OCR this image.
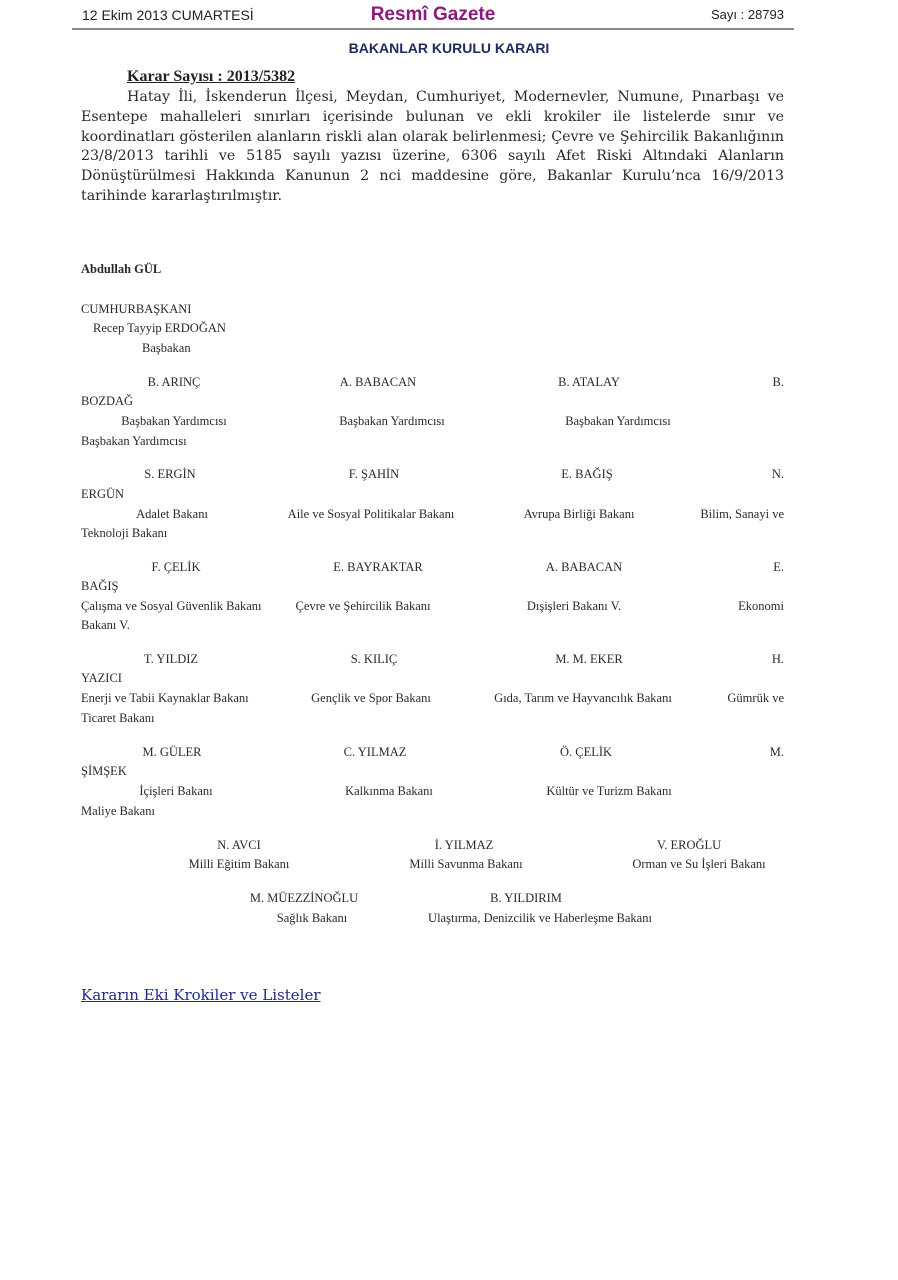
12 Ekim 2013 CUMARTESİ	Resmî Gazete	Sayı : 28793
BAKANLAR KURULU KARARI
Karar Sayısı : 2013/5382

Hatay İli, İskenderun İlçesi, Meydan, Cumhuriyet, Modernevler, Numune, Pınarbaşı ve Esentepe mahalleleri sınırları içerisinde bulunan ve ekli krokiler ile listelerde sınır ve koordinatları gösterilen alanların riskli alan olarak belirlenmesi; Çevre ve Şehircilik Bakanlığının 23/8/2013 tarihli ve 5185 sayılı yazısı üzerine, 6306 sayılı Afet Riski Altındaki Alanların Dönüştürülmesi Hakkında Kanunun 2 nci maddesine göre, Bakanlar Kurulu’nca 16/9/2013 tarihinde kararlaştırılmıştır.

Abdullah GÜL
CUMHURBAŞKANI
Recep Tayyip ERDOĞAN
Başbakan
B. ARINÇ	A. BABACAN	B. ATALAY	B.
BOZDAĞ
Başbakan Yardımcısı	Başbakan Yardımcısı	Başbakan Yardımcısı
Başbakan Yardımcısı
S. ERGİN	F. ŞAHİN	E. BAĞIŞ	N.
ERGÜN
Adalet Bakanı	Aile ve Sosyal Politikalar Bakanı	Avrupa Birliği Bakanı	Bilim, Sanayi ve
Teknoloji Bakanı
F. ÇELİK	E. BAYRAKTAR	A. BABACAN	E.
BAĞIŞ
Çalışma ve Sosyal Güvenlik Bakanı	Çevre ve Şehircilik Bakanı	Dışişleri Bakanı V.	Ekonomi
Bakanı V.
T. YILDIZ	S. KILIÇ	M. M. EKER	H.
YAZICI
Enerji ve Tabii Kaynaklar Bakanı	Gençlik ve Spor Bakanı	Gıda, Tarım ve Hayvancılık Bakanı	Gümrük ve
Ticaret Bakanı
M. GÜLER	C. YILMAZ	Ö. ÇELİK	M.
ŞİMŞEK
İçişleri Bakanı	Kalkınma Bakanı	Kültür ve Turizm Bakanı
Maliye Bakanı
N. AVCI	İ. YILMAZ	V. EROĞLU
Milli Eğitim Bakanı	Milli Savunma Bakanı	Orman ve Su İşleri Bakanı
M. MÜEZZİNOĞLU	B. YILDIRIM
Sağlık Bakanı	Ulaştırma, Denizcilik ve Haberleşme Bakanı
Kararın Eki Krokiler ve Listeler
